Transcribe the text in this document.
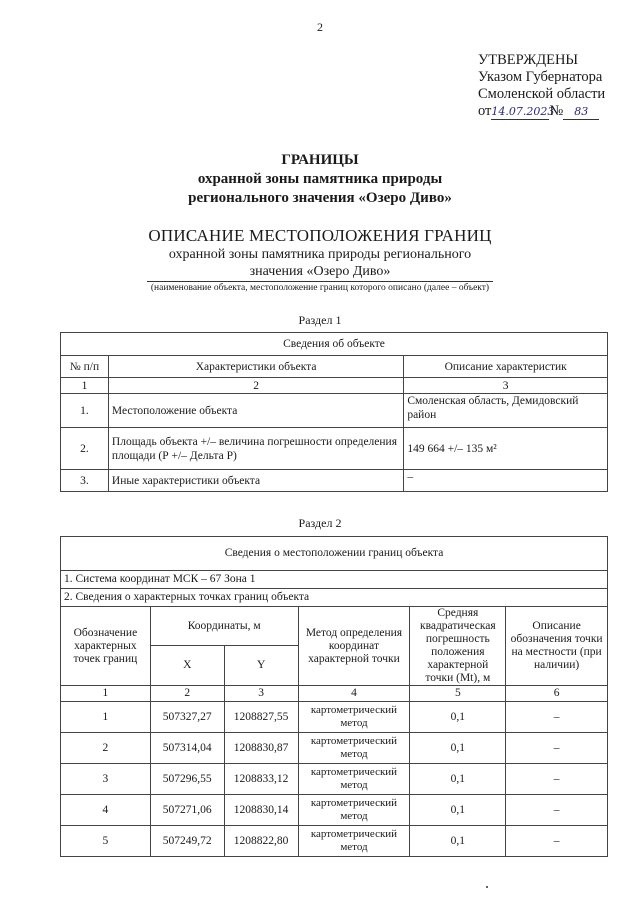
2
УТВЕРЖДЕНЫ
Указом Губернатора
Смоленской области
от14.07.2023№ 83
ГРАНИЦЫ
охранной зоны памятника природы
регионального значения «Озеро Диво»
ОПИСАНИЕ МЕСТОПОЛОЖЕНИЯ ГРАНИЦ
охранной зоны памятника природы регионального
значения «Озеро Диво»
(наименование объекта, местоположение границ которого описано (далее – объект)
Раздел 1
Сведения об объекте		
№ п/п	Характеристики объекта	Описание характеристик
1	2	3
1.	Местоположение объекта	Смоленская область, Демидовский район
2.	Площадь объекта +/– величина погрешности определения площади (Р +/– Дельта Р)	149 664 +/– 135 м²
3.	Иные характеристики объекта	–
Раздел 2
Сведения о местоположении границ объекта					
1. Система координат МСК – 67 Зона 1					
2. Сведения о характерных точках границ объекта					
Обозначение характерных точек границ	Координаты, м		Метод определения координат характерной точки	Средняя квадратическая погрешность положения характерной точки (Mt), м	Описание обозначения точки на местности (при наличии)
	X	Y			
1	2	3	4	5	6
1	507327,27	1208827,55	картометрический метод	0,1	–
2	507314,04	1208830,87	картометрический метод	0,1	–
3	507296,55	1208833,12	картометрический метод	0,1	–
4	507271,06	1208830,14	картометрический метод	0,1	–
5	507249,72	1208822,80	картометрический метод	0,1	–
